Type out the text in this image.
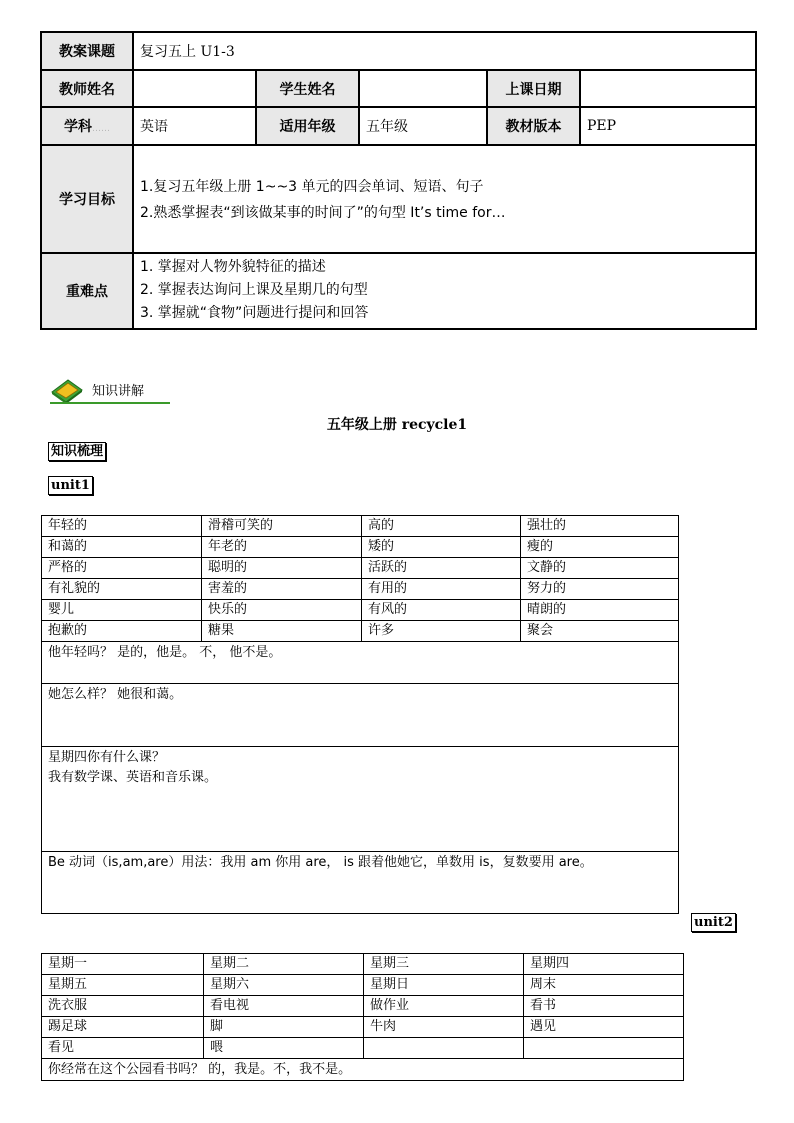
教案课题	复习五上 U1-3				
教师姓名		学生姓名		上课日期	
学科……	英语	适用年级	五年级	教材版本	PEP
学习目标	1.复习五年级上册 1~~3 单元的四会单词、短语、句子
2.熟悉掌握表“到该做某事的时间了”的句型 It’s time for…				

重难点	1. 掌握对人物外貌特征的描述
2. 掌握表达询问上课及星期几的句型
3. 掌握就“食物”问题进行提问和回答				
知识讲解
五年级上册 recycle1
知识梳理
unit1
年轻的	滑稽可笑的	高的	强壮的
和蔼的	年老的	矮的	瘦的
严格的	聪明的	活跃的	文静的
有礼貌的	害羞的	有用的	努力的
婴儿	快乐的	有风的	晴朗的
抱歉的	糖果	许多	聚会
他年轻吗？ 是的，他是。 不， 他不是。			
她怎么样？ 她很和蔼。			

星期四你有什么课？
我有数学课、英语和音乐课。			

Be 动词（is,am,are）用法：我用 am 你用 are， is 跟着他她它，单数用 is，复数要用 are。			
unit2
星期一	星期二	星期三	星期四
星期五	星期六	星期日	周末
洗衣服	看电视	做作业	看书
踢足球	脚	牛肉	遇见
看见	喂		
你经常在这个公园看书吗？ 的，我是。不，我不是。			
